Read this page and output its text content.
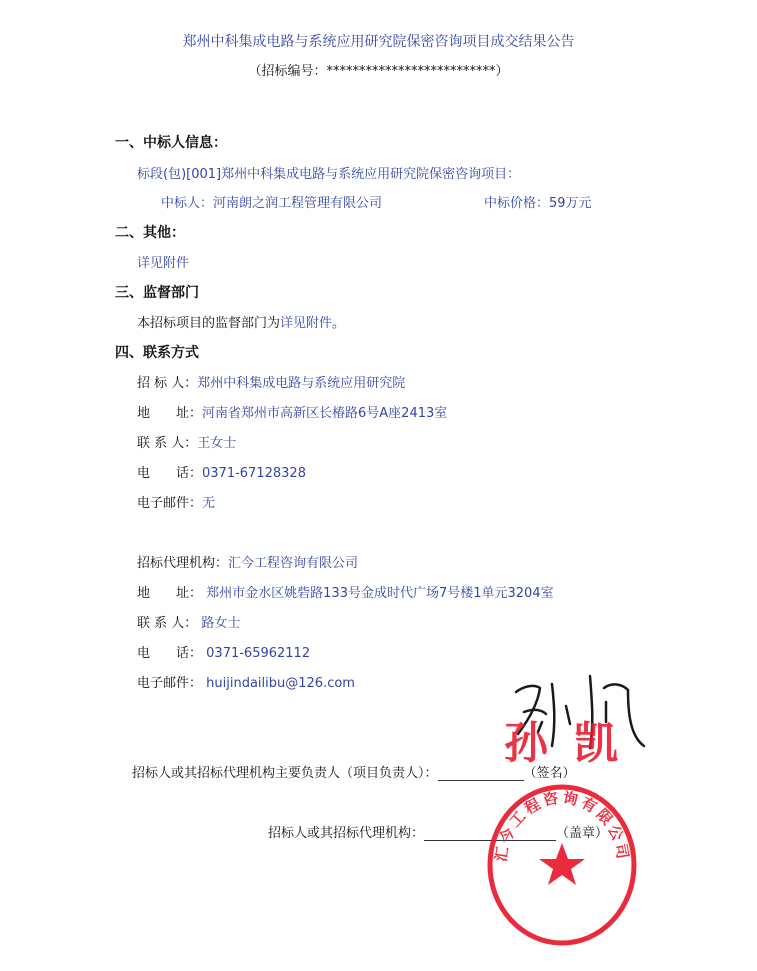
郑州中科集成电路与系统应用研究院保密咨询项目成交结果公告
（招标编号：**************************）
一、中标人信息：
标段(包)[001]郑州中科集成电路与系统应用研究院保密咨询项目：
中标人：河南朗之润工程管理有限公司	中标价格：59万元
二、其他：
详见附件
三、监督部门
本招标项目的监督部门为详见附件。
四、联系方式
招 标 人：郑州中科集成电路与系统应用研究院
地　　址：河南省郑州市高新区长椿路6号A座2413室
联 系 人：王女士
电　　话：0371-67128328
电子邮件：无
招标代理机构：汇今工程咨询有限公司
地　　址： 郑州市金水区姚砦路133号金成时代广场7号楼1单元3204室
联 系 人： 路女士
电　　话： 0371-65962112
电子邮件： huijindailibu@126.com
孙 凯
招标人或其招标代理机构主要负责人（项目负责人）：	（签名）
招标人或其招标代理机构：	（盖章）
汇今工程咨询有限公司
